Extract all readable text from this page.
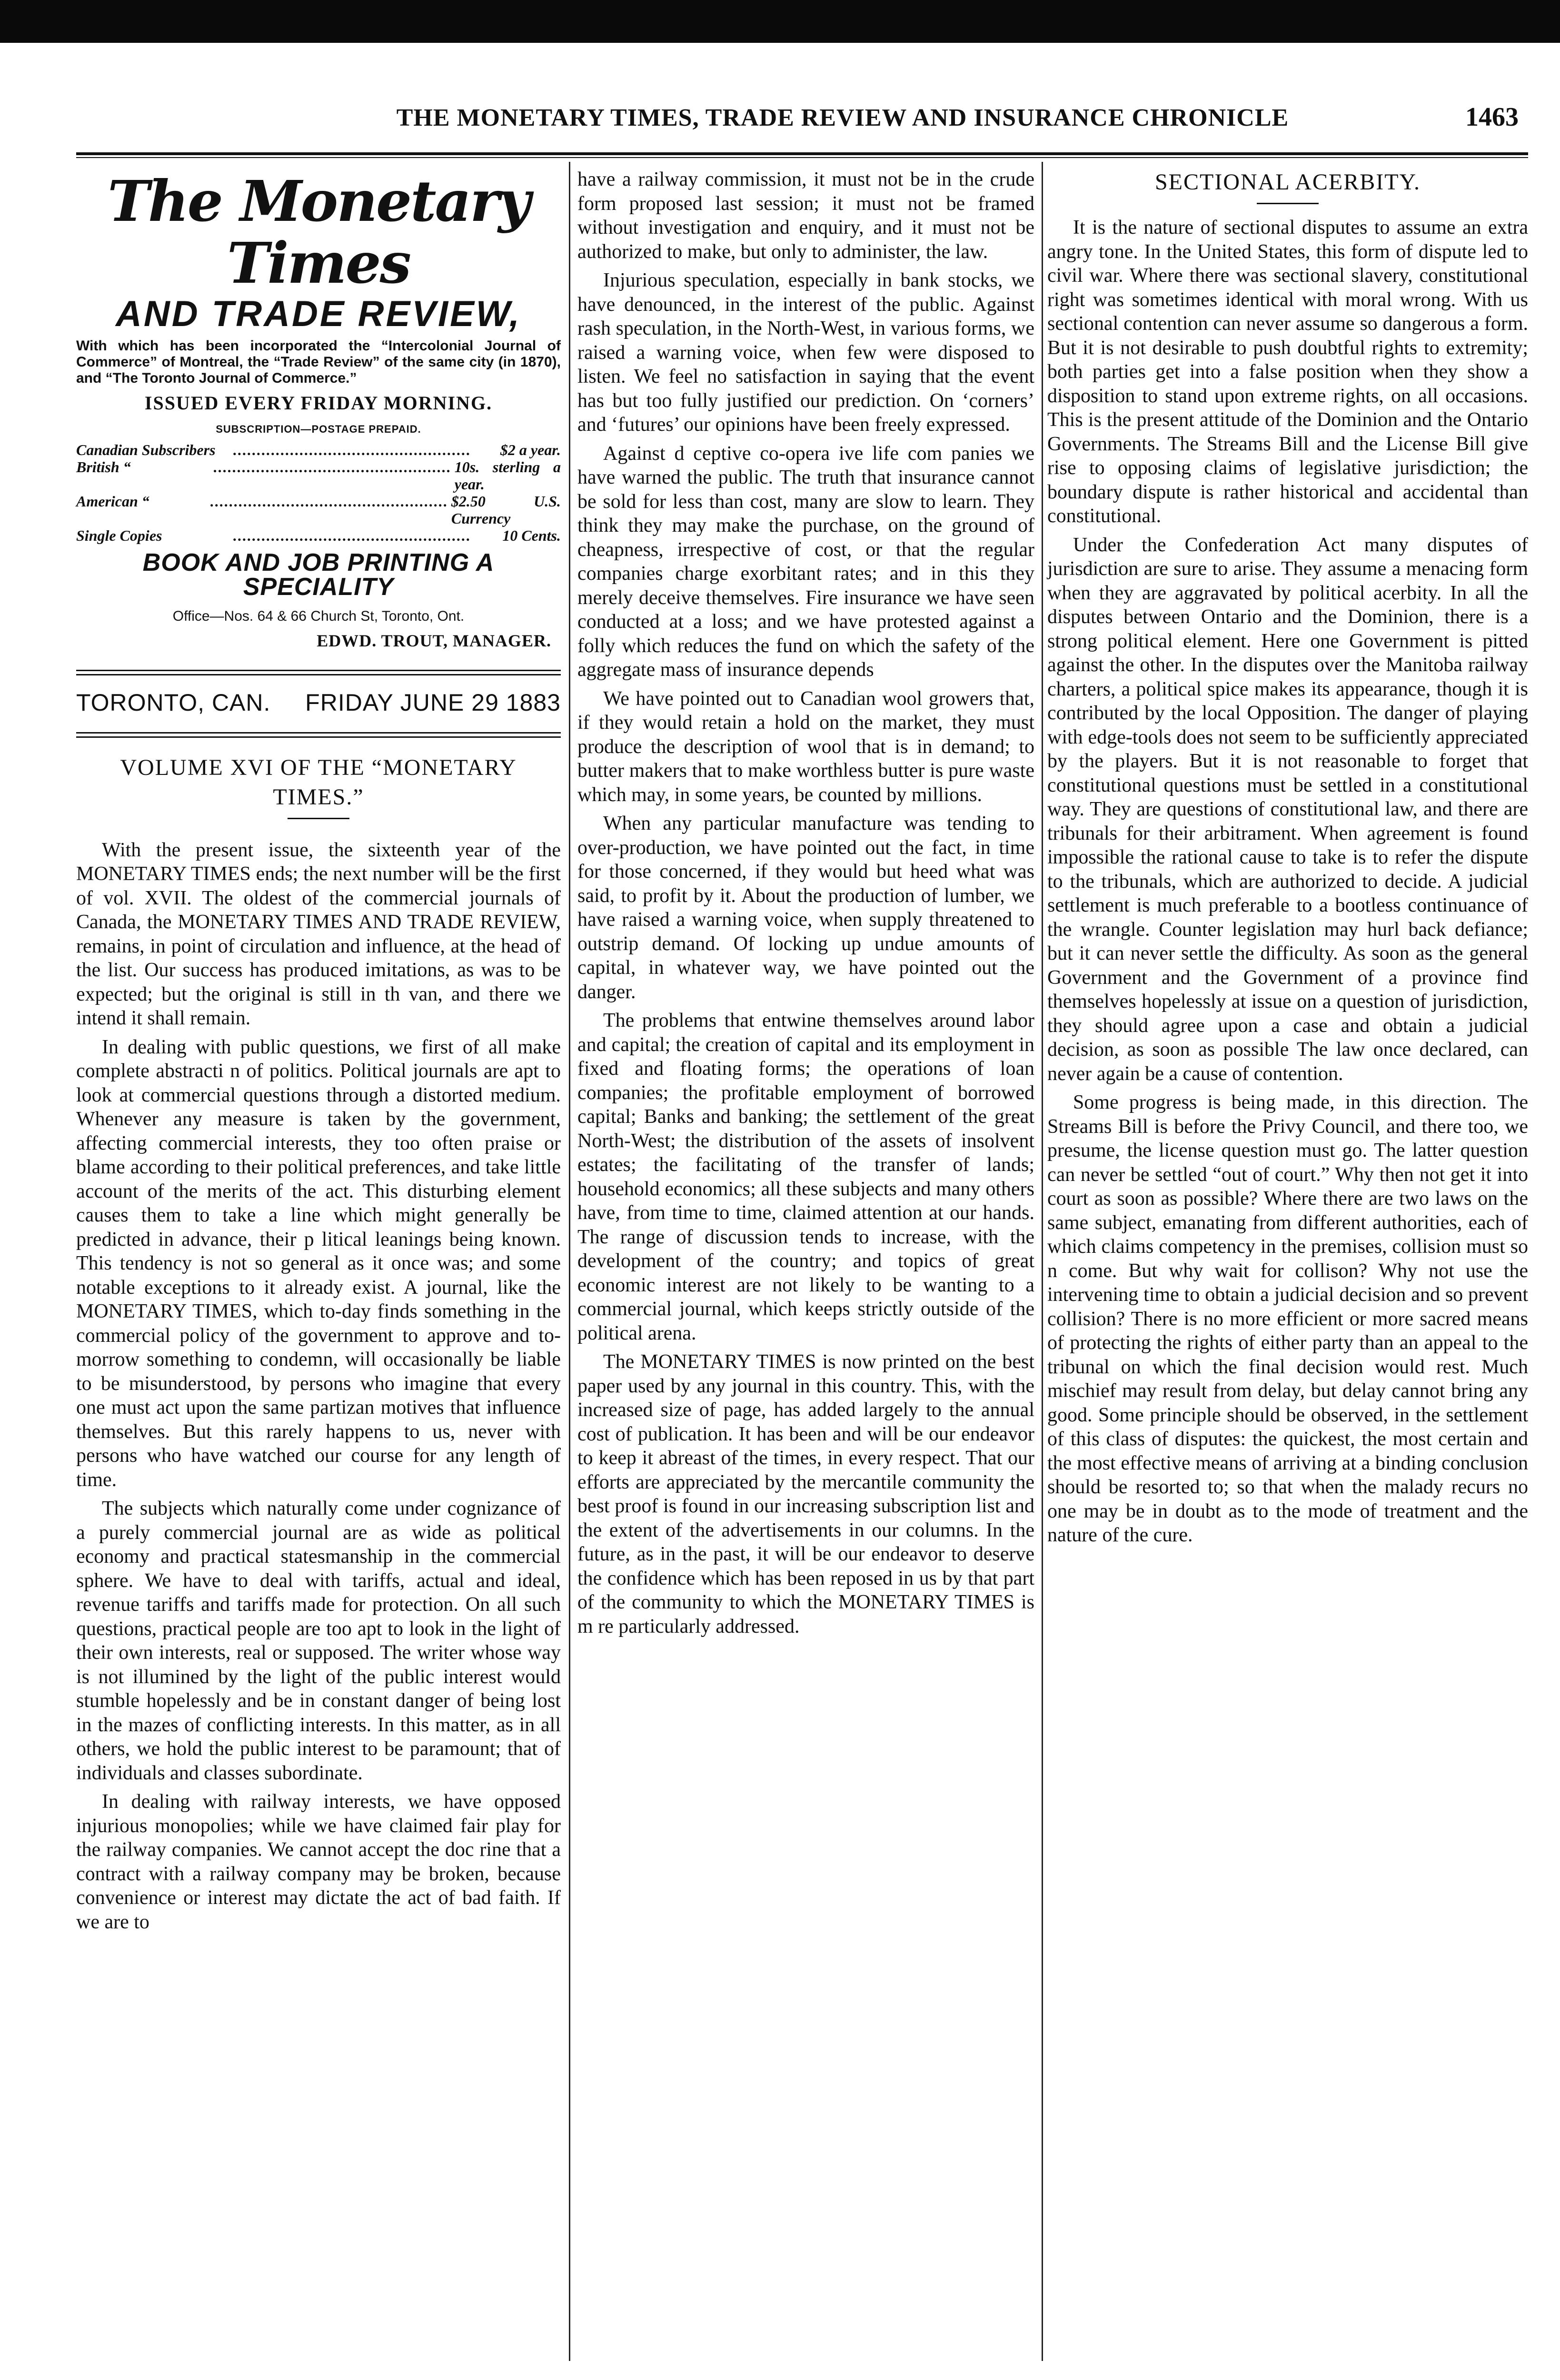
THE MONETARY TIMES, TRADE REVIEW AND INSURANCE CHRONICLE	1463
The Monetary Times
AND TRADE REVIEW,
With which has been incorporated the “Intercolonial Journal of Commerce” of Montreal, the “Trade Review” of the same city (in 1870), and “The Toronto Journal of Commerce.”
ISSUED EVERY FRIDAY MORNING.
SUBSCRIPTION—POSTAGE PREPAID.
Canadian Subscribers	..................................................	$2 a year.
British “	.................................................. 10s. sterling a year.
American “	.................................................. $2.50 U.S. Currency
Single Copies	..................................................	10 Cents.
BOOK AND JOB PRINTING A SPECIALITY
Office—Nos. 64 & 66 Church St, Toronto, Ont.
EDWD. TROUT, MANAGER.
TORONTO, CAN. FRIDAY JUNE 29 1883
VOLUME XVI OF THE “MONETARY TIMES.”

With the present issue, the sixteenth year of the MONETARY TIMES ends; the next number will be the first of vol. XVII. The oldest of the commercial journals of Canada, the MONETARY TIMES AND TRADE REVIEW, remains, in point of circulation and influence, at the head of the list. Our success has produced imitations, as was to be expected; but the original is still in th van, and there we intend it shall remain.

In dealing with public questions, we first of all make complete abstracti n of politics. Political journals are apt to look at commercial questions through a distorted medium. Whenever any measure is taken by the government, affecting commercial interests, they too often praise or blame according to their political preferences, and take little account of the merits of the act. This disturbing element causes them to take a line which might generally be predicted in advance, their p litical leanings being known. This tendency is not so general as it once was; and some notable exceptions to it already exist. A journal, like the MONETARY TIMES, which to-day finds something in the commercial policy of the government to approve and to-morrow something to condemn, will occasionally be liable to be misunderstood, by persons who imagine that every one must act upon the same partizan motives that influence themselves. But this rarely happens to us, never with persons who have watched our course for any length of time.

The subjects which naturally come under cognizance of a purely commercial journal are as wide as political economy and practical statesmanship in the commercial sphere. We have to deal with tariffs, actual and ideal, revenue tariffs and tariffs made for protection. On all such questions, practical people are too apt to look in the light of their own interests, real or supposed. The writer whose way is not illumined by the light of the public interest would stumble hopelessly and be in constant danger of being lost in the mazes of conflicting interests. In this matter, as in all others, we hold the public interest to be paramount; that of individuals and classes subordinate.

In dealing with railway interests, we have opposed injurious monopolies; while we have claimed fair play for the railway companies. We cannot accept the doc rine that a contract with a railway company may be broken, because convenience or interest may dictate the act of bad faith. If we are to

have a railway commission, it must not be in the crude form proposed last session; it must not be framed without investigation and enquiry, and it must not be authorized to make, but only to administer, the law.

Injurious speculation, especially in bank stocks, we have denounced, in the interest of the public. Against rash speculation, in the North-West, in various forms, we raised a warning voice, when few were disposed to listen. We feel no satisfaction in saying that the event has but too fully justified our prediction. On ‘corners’ and ‘futures’ our opinions have been freely expressed.

Against d ceptive co-opera ive life com panies we have warned the public. The truth that insurance cannot be sold for less than cost, many are slow to learn. They think they may make the purchase, on the ground of cheapness, irrespective of cost, or that the regular companies charge exorbitant rates; and in this they merely deceive themselves. Fire insurance we have seen conducted at a loss; and we have protested against a folly which reduces the fund on which the safety of the aggregate mass of insurance depends

We have pointed out to Canadian wool growers that, if they would retain a hold on the market, they must produce the description of wool that is in demand; to butter makers that to make worthless butter is pure waste which may, in some years, be counted by millions.

When any particular manufacture was tending to over-production, we have pointed out the fact, in time for those concerned, if they would but heed what was said, to profit by it. About the production of lumber, we have raised a warning voice, when supply threatened to outstrip demand. Of locking up undue amounts of capital, in whatever way, we have pointed out the danger.

The problems that entwine themselves around labor and capital; the creation of capital and its employment in fixed and floating forms; the operations of loan companies; the profitable employment of borrowed capital; Banks and banking; the settlement of the great North-West; the distribution of the assets of insolvent estates; the facilitating of the transfer of lands; household economics; all these subjects and many others have, from time to time, claimed attention at our hands. The range of discussion tends to increase, with the development of the country; and topics of great economic interest are not likely to be wanting to a commercial journal, which keeps strictly outside of the political arena.

The MONETARY TIMES is now printed on the best paper used by any journal in this country. This, with the increased size of page, has added largely to the annual cost of publication. It has been and will be our endeavor to keep it abreast of the times, in every respect. That our efforts are appreciated by the mercantile community the best proof is found in our increasing subscription list and the extent of the advertisements in our columns. In the future, as in the past, it will be our endeavor to deserve the confidence which has been reposed in us by that part of the community to which the MONETARY TIMES is m re particularly addressed.

SECTIONAL ACERBITY.

It is the nature of sectional disputes to assume an extra angry tone. In the United States, this form of dispute led to civil war. Where there was sectional slavery, constitutional right was sometimes identical with moral wrong. With us sectional contention can never assume so dangerous a form. But it is not desirable to push doubtful rights to extremity; both parties get into a false position when they show a disposition to stand upon extreme rights, on all occasions. This is the present attitude of the Dominion and the Ontario Governments. The Streams Bill and the License Bill give rise to opposing claims of legislative jurisdiction; the boundary dispute is rather historical and accidental than constitutional.

Under the Confederation Act many disputes of jurisdiction are sure to arise. They assume a menacing form when they are aggravated by political acerbity. In all the disputes between Ontario and the Dominion, there is a strong political element. Here one Government is pitted against the other. In the disputes over the Manitoba railway charters, a political spice makes its appearance, though it is contributed by the local Opposition. The danger of playing with edge-tools does not seem to be sufficiently appreciated by the players. But it is not reasonable to forget that constitutional questions must be settled in a constitutional way. They are questions of constitutional law, and there are tribunals for their arbitrament. When agreement is found impossible the rational cause to take is to refer the dispute to the tribunals, which are authorized to decide. A judicial settlement is much preferable to a bootless continuance of the wrangle. Counter legislation may hurl back defiance; but it can never settle the difficulty. As soon as the general Government and the Government of a province find themselves hopelessly at issue on a question of jurisdiction, they should agree upon a case and obtain a judicial decision, as soon as possible The law once declared, can never again be a cause of contention.

Some progress is being made, in this direction. The Streams Bill is before the Privy Council, and there too, we presume, the license question must go. The latter question can never be settled “out of court.” Why then not get it into court as soon as possible? Where there are two laws on the same subject, emanating from different authorities, each of which claims competency in the premises, collision must so n come. But why wait for collison? Why not use the intervening time to obtain a judicial decision and so prevent collision? There is no more efficient or more sacred means of protecting the rights of either party than an appeal to the tribunal on which the final decision would rest. Much mischief may result from delay, but delay cannot bring any good. Some principle should be observed, in the settlement of this class of disputes: the quickest, the most certain and the most effective means of arriving at a binding conclusion should be resorted to; so that when the malady recurs no one may be in doubt as to the mode of treatment and the nature of the cure.
